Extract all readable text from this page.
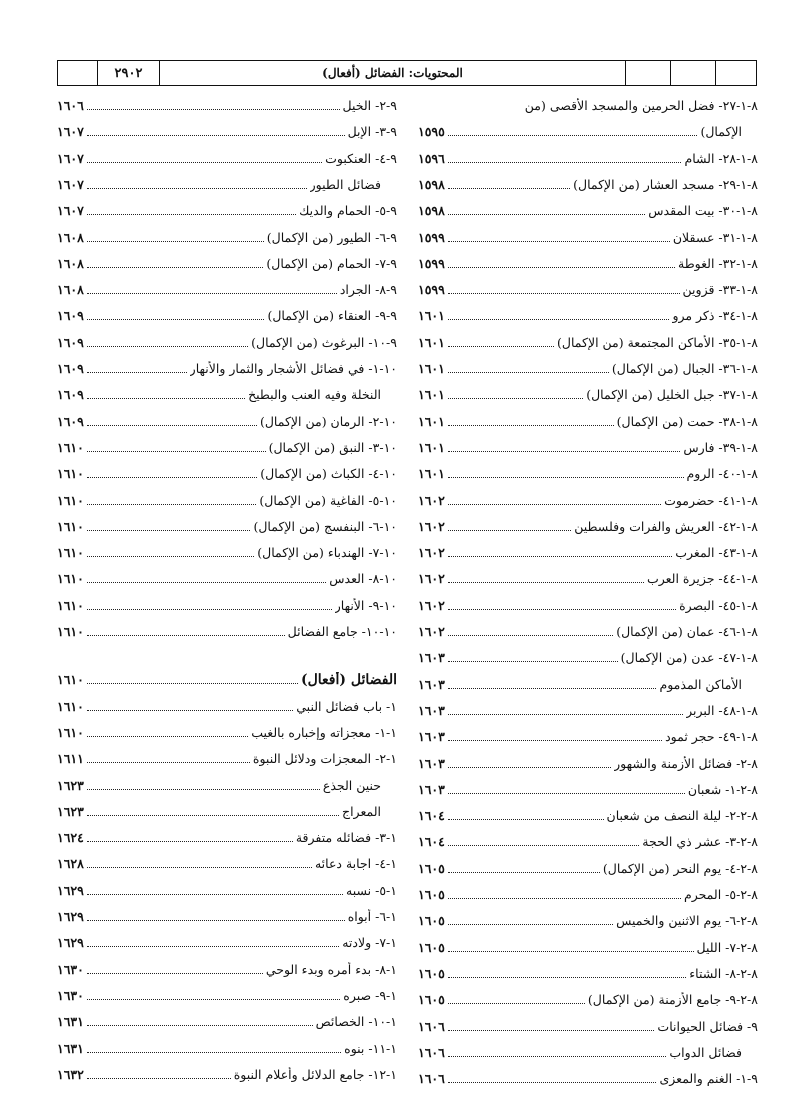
٢٩٠٢	المحتويات: الفضائل (أفعال)
٨-١-٢٧- فضل الحرمين والمسجد الأقصى (من
الإكمال)
١٥٩٥
٨-١-٢٨- الشام
١٥٩٦
٨-١-٢٩- مسجد العشار (من الإكمال)
١٥٩٨
٨-١-٣٠- بيت المقدس
١٥٩٨
٨-١-٣١- عسقلان
١٥٩٩
٨-١-٣٢- الغوطة
١٥٩٩
٨-١-٣٣- قزوين
١٥٩٩
٨-١-٣٤- ذكر مرو
١٦٠١
٨-١-٣٥- الأماكن المجتمعة (من الإكمال)
١٦٠١
٨-١-٣٦- الجبال (من الإكمال)
١٦٠١
٨-١-٣٧- جبل الخليل (من الإكمال)
١٦٠١
٨-١-٣٨- حمت (من الإكمال)
١٦٠١
٨-١-٣٩- فارس
١٦٠١
٨-١-٤٠- الروم
١٦٠١
٨-١-٤١- حضرموت
١٦٠٢
٨-١-٤٢- العريش والفرات وفلسطين
١٦٠٢
٨-١-٤٣- المغرب
١٦٠٢
٨-١-٤٤- جزيرة العرب
١٦٠٢
٨-١-٤٥- البصرة
١٦٠٢
٨-١-٤٦- عمان (من الإكمال)
١٦٠٢
٨-١-٤٧- عدن (من الإكمال)
١٦٠٣
الأماكن المذموم
١٦٠٣
٨-١-٤٨- البربر
١٦٠٣
٨-١-٤٩- حجر ثمود
١٦٠٣
٨-٢- فضائل الأزمنة والشهور
١٦٠٣
٨-٢-١- شعبان
١٦٠٣
٨-٢-٢- ليلة النصف من شعبان
١٦٠٤
٨-٢-٣- عشر ذي الحجة
١٦٠٤
٨-٢-٤- يوم النحر (من الإكمال)
١٦٠٥
٨-٢-٥- المحرم
١٦٠٥
٨-٢-٦- يوم الاثنين والخميس
١٦٠٥
٨-٢-٧- الليل
١٦٠٥
٨-٢-٨- الشتاء
١٦٠٥
٨-٢-٩- جامع الأزمنة (من الإكمال)
١٦٠٥
٩- فضائل الحيوانات
١٦٠٦
فضائل الدواب
١٦٠٦
٩-١- الغنم والمعزى
١٦٠٦
٩-٢- الخيل
١٦٠٦
٩-٣- الإبل
١٦٠٧
٩-٤- العنكبوت
١٦٠٧
فضائل الطيور
١٦٠٧
٩-٥- الحمام والديك
١٦٠٧
٩-٦- الطيور (من الإكمال)
١٦٠٨
٩-٧- الحمام (من الإكمال)
١٦٠٨
٩-٨- الجراد
١٦٠٨
٩-٩- العنقاء (من الإكمال)
١٦٠٩
٩-١٠- البرغوث (من الإكمال)
١٦٠٩
١٠-١- في فضائل الأشجار والثمار والأنهار
١٦٠٩
النخلة وفيه العنب والبطيخ
١٦٠٩
١٠-٢- الرمان (من الإكمال)
١٦٠٩
١٠-٣- النبق (من الإكمال)
١٦١٠
١٠-٤- الكباث (من الإكمال)
١٦١٠
١٠-٥- الفاغية (من الإكمال)
١٦١٠
١٠-٦- البنفسج (من الإكمال)
١٦١٠
١٠-٧- الهندباء (من الإكمال)
١٦١٠
١٠-٨- العدس
١٦١٠
١٠-٩- الأنهار
١٦١٠
١٠-١٠- جامع الفضائل
١٦١٠
الفضائل (أفعال)
١٦١٠
١- باب فضائل النبي
١٦١٠
١-١- معجزاته وإخباره بالغيب
١٦١٠
١-٢- المعجزات ودلائل النبوة
١٦١١
حنين الجذع
١٦٢٣
المعراج
١٦٢٣
١-٣- فضائله متفرقة
١٦٢٤
١-٤- اجابة دعائه
١٦٢٨
١-٥- نسبه
١٦٢٩
١-٦- أبواه
١٦٢٩
١-٧- ولادته
١٦٢٩
١-٨- بدء أمره وبدء الوحي
١٦٣٠
١-٩- صبره
١٦٣٠
١-١٠- الخصائص
١٦٣١
١-١١- بنوه
١٦٣١
١-١٢- جامع الدلائل وأعلام النبوة
١٦٣٢
